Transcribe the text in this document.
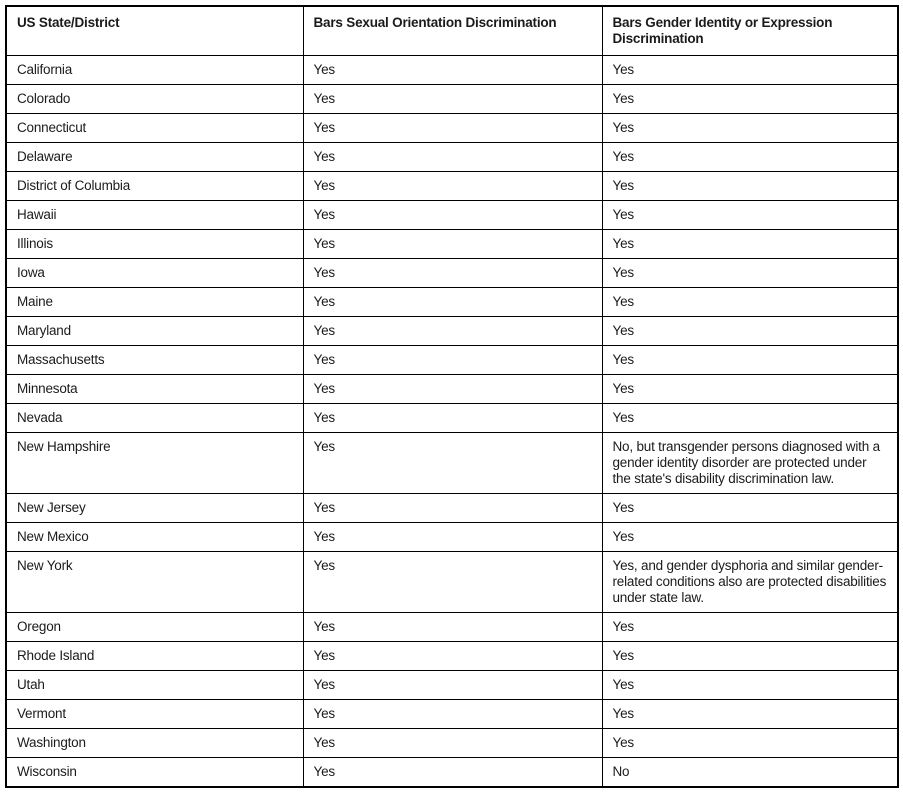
US State/District	Bars Sexual Orientation Discrimination	Bars Gender Identity or Expression Discrimination
California	Yes	Yes
Colorado	Yes	Yes
Connecticut	Yes	Yes
Delaware	Yes	Yes
District of Columbia	Yes	Yes
Hawaii	Yes	Yes
Illinois	Yes	Yes
Iowa	Yes	Yes
Maine	Yes	Yes
Maryland	Yes	Yes
Massachusetts	Yes	Yes
Minnesota	Yes	Yes
Nevada	Yes	Yes
New Hampshire	Yes	No, but transgender persons diagnosed with a gender identity disorder are protected under the state's disability discrimination law.
New Jersey	Yes	Yes
New Mexico	Yes	Yes
New York	Yes	Yes, and gender dysphoria and similar gender-related conditions also are protected disabilities under state law.
Oregon	Yes	Yes
Rhode Island	Yes	Yes
Utah	Yes	Yes
Vermont	Yes	Yes
Washington	Yes	Yes
Wisconsin	Yes	No
